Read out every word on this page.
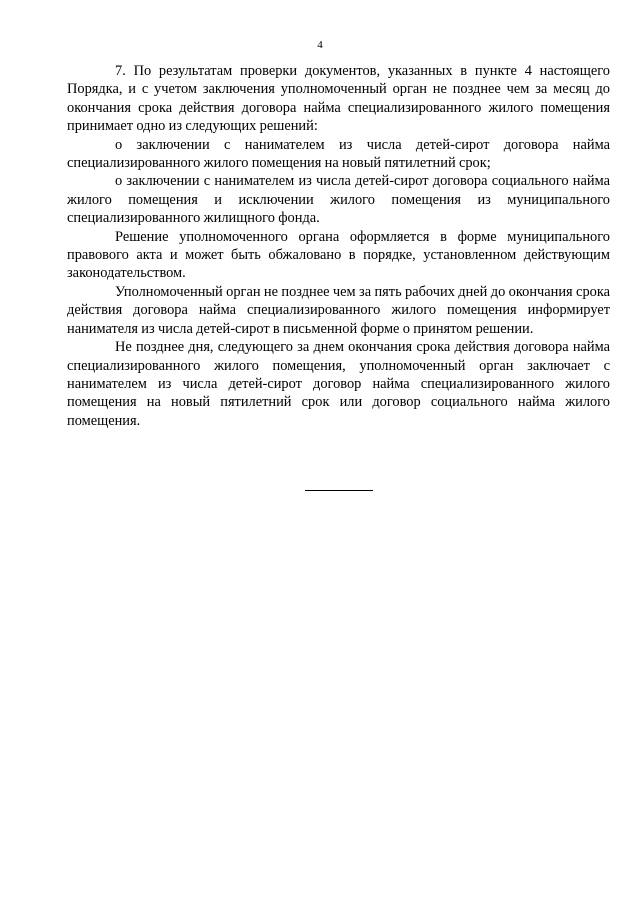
4

7. По результатам проверки документов, указанных в пункте 4 настоящего Порядка, и с учетом заключения уполномоченный орган не позднее чем за месяц до окончания срока действия договора найма специализированного жилого помещения принимает одно из следующих решений:

о заключении с нанимателем из числа детей-сирот договора найма специализированного жилого помещения на новый пятилетний срок;

о заключении с нанимателем из числа детей-сирот договора социального найма жилого помещения и исключении жилого помещения из муниципального специализированного жилищного фонда.

Решение уполномоченного органа оформляется в форме муниципального правового акта и может быть обжаловано в порядке, установленном действующим законодательством.

Уполномоченный орган не позднее чем за пять рабочих дней до окончания срока действия договора найма специализированного жилого помещения информирует нанимателя из числа детей-сирот в письменной форме о принятом решении.

Не позднее дня, следующего за днем окончания срока действия договора найма специализированного жилого помещения, уполномоченный орган заключает с нанимателем из числа детей-сирот договор найма специализированного жилого помещения на новый пятилетний срок или договор социального найма жилого помещения.
